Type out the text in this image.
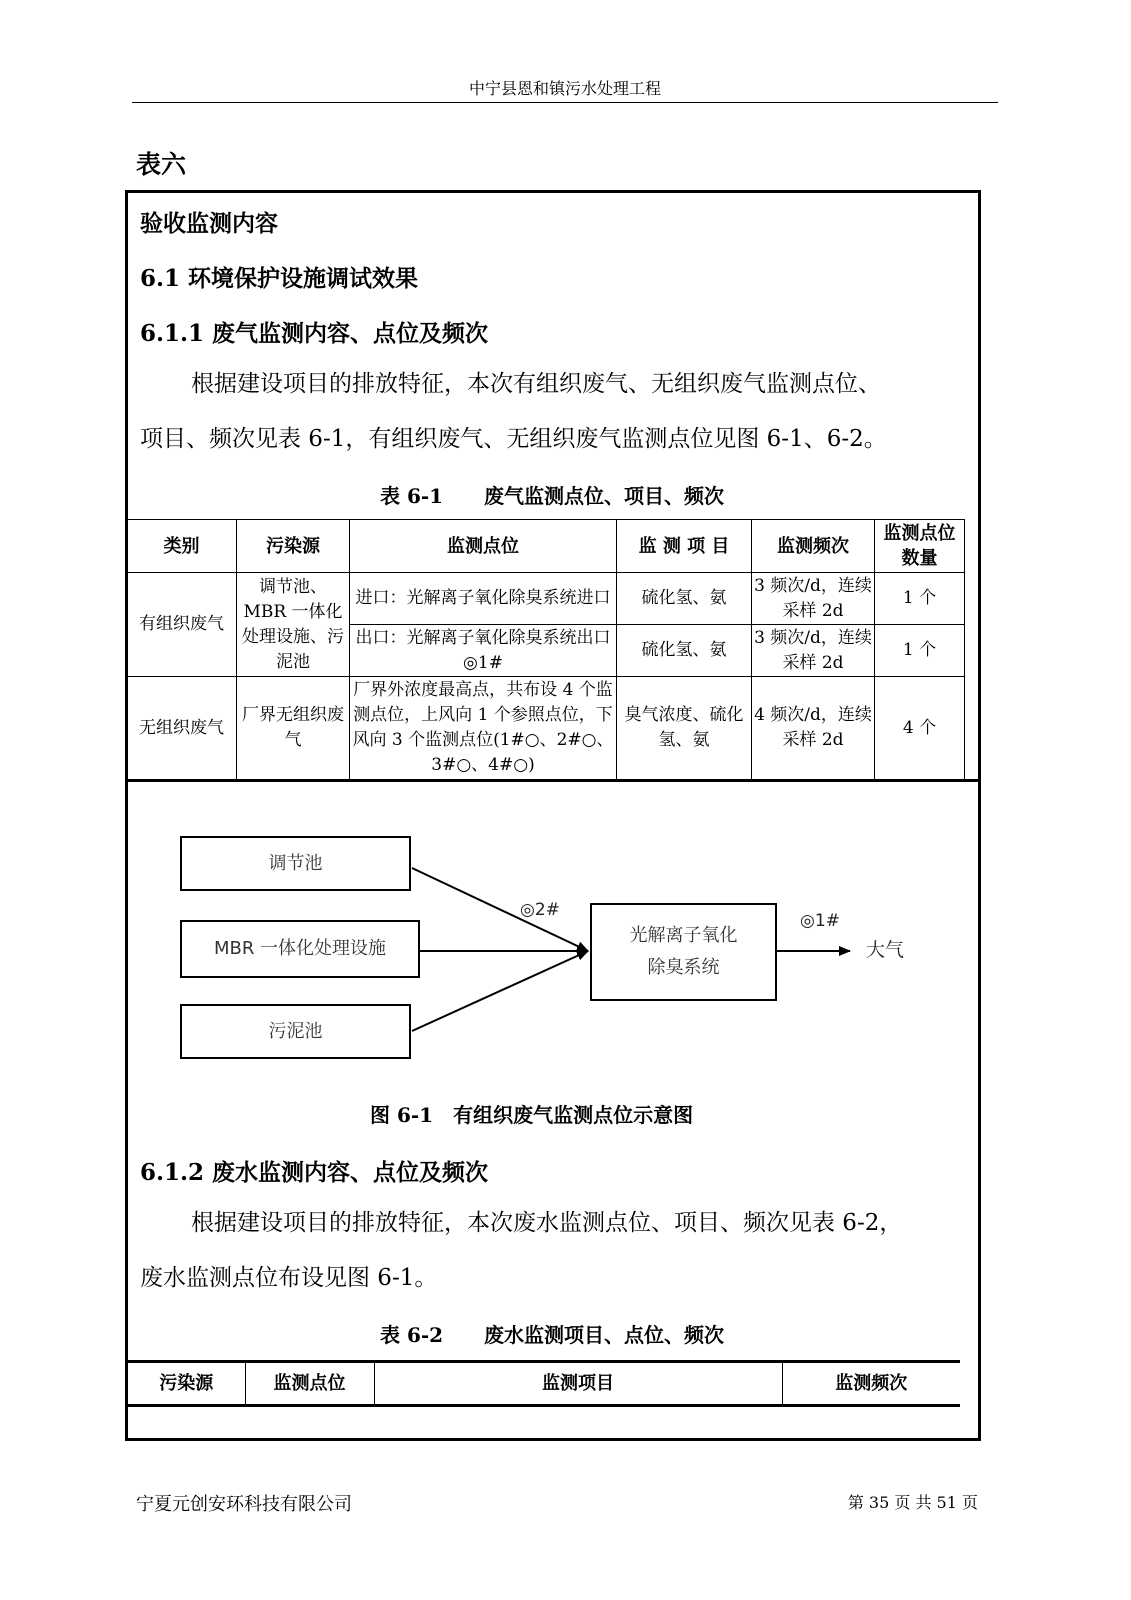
中宁县恩和镇污水处理工程
表六
验收监测内容
6.1 环境保护设施调试效果
6.1.1 废气监测内容、点位及频次
根据建设项目的排放特征，本次有组织废气、无组织废气监测点位、
项目、频次见表 6-1，有组织废气、无组织废气监测点位见图 6-1、6-2。
表 6-1 废气监测点位、项目、频次
类别	污染源	监测点位	监 测 项 目	监测频次	监测点位数量
有组织废气	调节池、MBR 一体化处理设施、污泥池	进口：光解离子氧化除臭系统进口	硫化氢、氨	3 频次/d，连续采样 2d	1 个
		出口：光解离子氧化除臭系统出口◎1#	硫化氢、氨	3 频次/d，连续采样 2d	1 个
无组织废气	厂界无组织废气	厂界外浓度最高点，共布设 4 个监测点位，上风向 1 个参照点位，下风向 3 个监测点位(1#○、2#○、3#○、4#○)	臭气浓度、硫化氢、氨	4 频次/d，连续采样 2d	4 个
调节池
MBR 一体化处理设施
污泥池
光解离子氧化
除臭系统
◎2#
◎1#
大气
图 6-1　有组织废气监测点位示意图
6.1.2 废水监测内容、点位及频次
根据建设项目的排放特征，本次废水监测点位、项目、频次见表 6-2，
废水监测点位布设见图 6-1。
表 6-2 废水监测项目、点位、频次
污染源	监测点位	监测项目	监测频次
宁夏元创安环科技有限公司	第 35 页 共 51 页
